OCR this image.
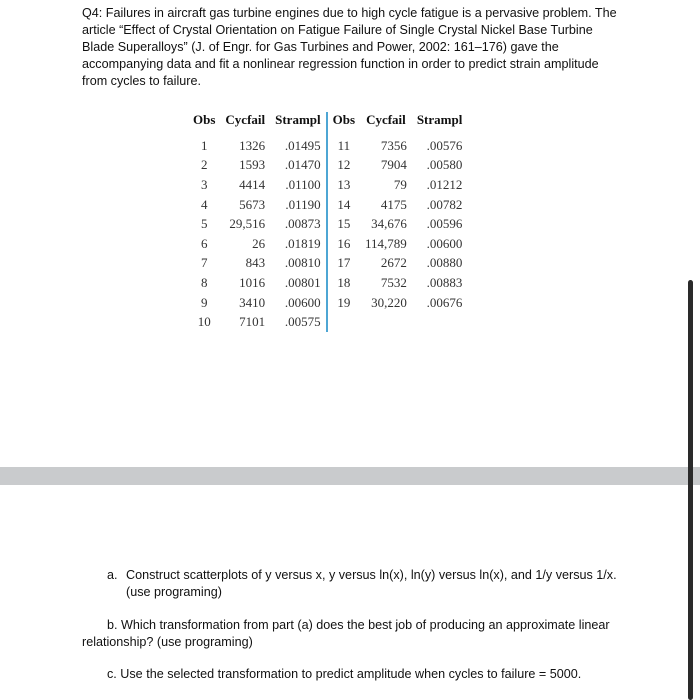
Q4: Failures in aircraft gas turbine engines due to high cycle fatigue is a pervasive problem. The article “Effect of Crystal Orientation on Fatigue Failure of Single Crystal Nickel Base Turbine Blade Superalloys” (J. of Engr. for Gas Turbines and Power, 2002: 161–176) gave the accompanying data and fit a nonlinear regression function in order to predict strain amplitude from cycles to failure.

Obs	Cycfail	Strampl	Obs	Cycfail	Strampl
1	1326	.01495	11	7356	.00576
2	1593	.01470	12	7904	.00580
3	4414	.01100	13	79	.01212
4	5673	.01190	14	4175	.00782
5	29,516	.00873	15	34,676	.00596
6	26	.01819	16	114,789	.00600
7	843	.00810	17	2672	.00880
8	1016	.00801	18	7532	.00883
9	3410	.00600	19	30,220	.00676
10	7101	.00575			
a. Construct scatterplots of y versus x, y versus ln(x), ln(y) versus ln(x), and 1/y versus 1/x.
(use programing)
b. Which transformation from part (a) does the best job of producing an approximate linear
relationship? (use programing)
c. Use the selected transformation to predict amplitude when cycles to failure = 5000.
